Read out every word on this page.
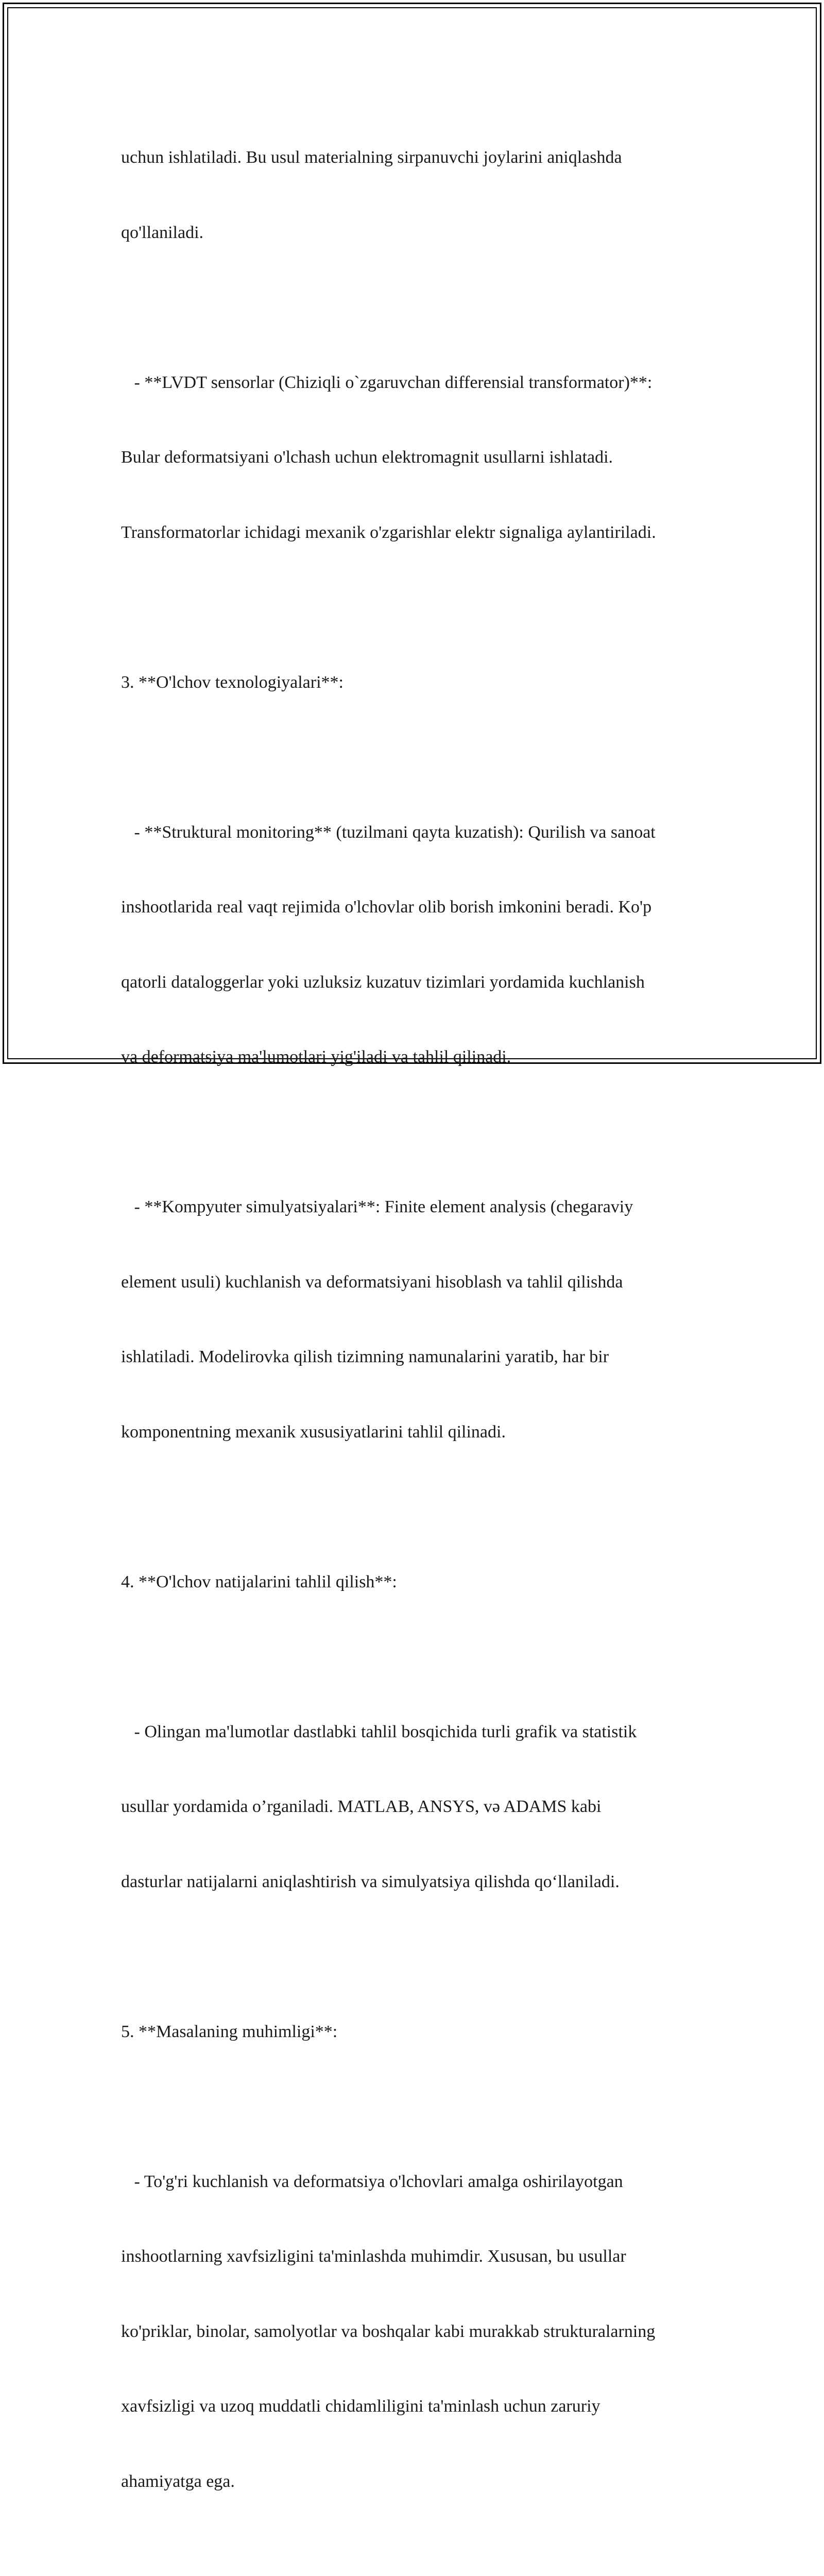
uchun ishlatiladi. Bu usul materialning sirpanuvchi joylarini aniqlashda

qo'llaniladi.

- **LVDT sensorlar (Chiziqli o`zgaruvchan differensial transformator)**:

Bular deformatsiyani o'lchash uchun elektromagnit usullarni ishlatadi.

Transformatorlar ichidagi mexanik o'zgarishlar elektr signaliga aylantiriladi.

3. **O'lchov texnologiyalari**:

- **Struktural monitoring** (tuzilmani qayta kuzatish): Qurilish va sanoat

inshootlarida real vaqt rejimida o'lchovlar olib borish imkonini beradi. Ko'p

qatorli dataloggerlar yoki uzluksiz kuzatuv tizimlari yordamida kuchlanish

va deformatsiya ma'lumotlari yig'iladi va tahlil qilinadi.

- **Kompyuter simulyatsiyalari**: Finite element analysis (chegaraviy

element usuli) kuchlanish va deformatsiyani hisoblash va tahlil qilishda

ishlatiladi. Modelirovka qilish tizimning namunalarini yaratib, har bir

komponentning mexanik xususiyatlarini tahlil qilinadi.

4. **O'lchov natijalarini tahlil qilish**:

- Olingan ma'lumotlar dastlabki tahlil bosqichida turli grafik va statistik

usullar yordamida o’rganiladi. MATLAB, ANSYS, və ADAMS kabi

dasturlar natijalarni aniqlashtirish va simulyatsiya qilishda qo‘llaniladi.

5. **Masalaning muhimligi**:

- To'g'ri kuchlanish va deformatsiya o'lchovlari amalga oshirilayotgan

inshootlarning xavfsizligini ta'minlashda muhimdir. Xususan, bu usullar

ko'priklar, binolar, samolyotlar va boshqalar kabi murakkab strukturalarning

xavfsizligi va uzoq muddatli chidamliligini ta'minlash uchun zaruriy

ahamiyatga ega.
